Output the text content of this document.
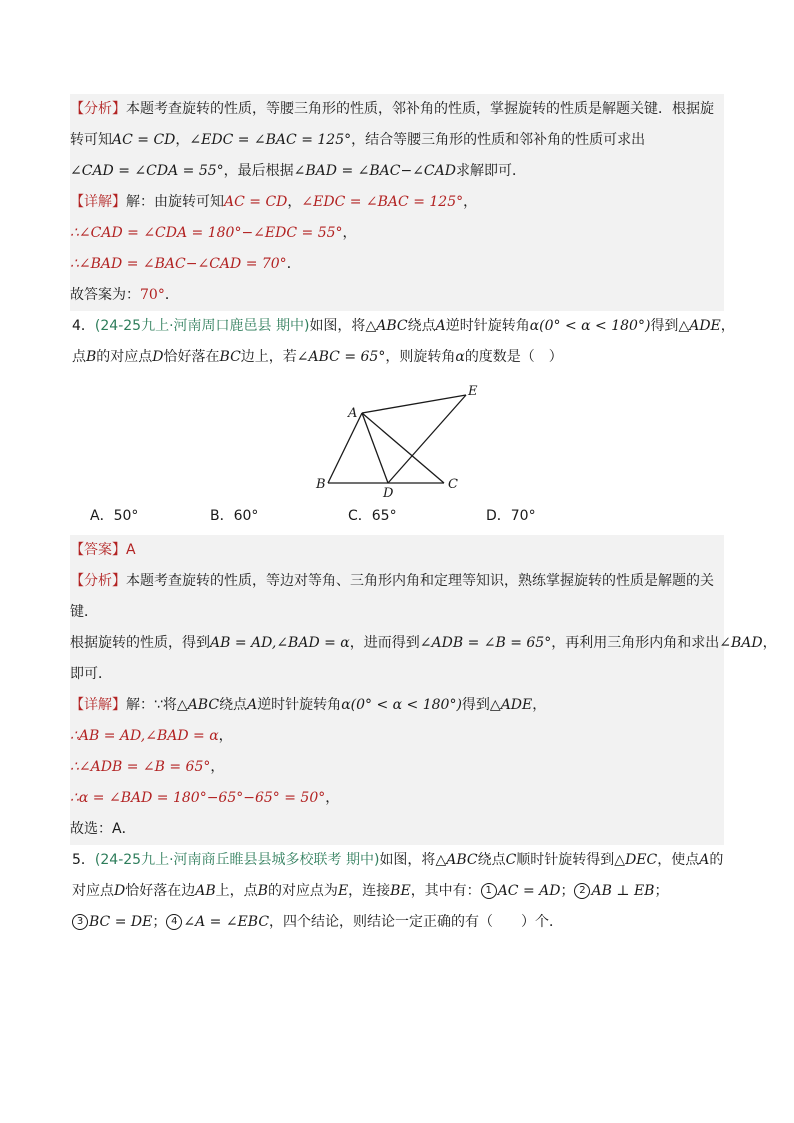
【分析】本题考查旋转的性质，等腰三角形的性质，邻补角的性质，掌握旋转的性质是解题关键．根据旋
转可知AC = CD，∠EDC = ∠BAC = 125°，结合等腰三角形的性质和邻补角的性质可求出
∠CAD = ∠CDA = 55°，最后根据∠BAD = ∠BAC−∠CAD求解即可．
【详解】解：由旋转可知AC = CD，∠EDC = ∠BAC = 125°，
∴∠CAD = ∠CDA = 180°−∠EDC = 55°，
∴∠BAD = ∠BAC−∠CAD = 70°．
故答案为：70°．
4．(24-25九上·河南周口鹿邑县 期中)如图，将△ABC绕点A逆时针旋转角α(0° < α < 180°)得到△ADE，
点B的对应点D恰好落在BC边上，若∠ABC = 65°，则旋转角α的度数是（　）
A
B	C
D
E
A．50°	B．60°	C．65°	D．70°
【答案】A
【分析】本题考查旋转的性质，等边对等角、三角形内角和定理等知识，熟练掌握旋转的性质是解题的关
键．
根据旋转的性质，得到AB = AD,∠BAD = α，进而得到∠ADB = ∠B = 65°，再利用三角形内角和求出∠BAD，
即可．
【详解】解：∵将△ABC绕点A逆时针旋转角α(0° < α < 180°)得到△ADE，
∴AB = AD,∠BAD = α，
∴∠ADB = ∠B = 65°，
∴α = ∠BAD = 180°−65°−65° = 50°，
故选：A．
5．(24-25九上·河南商丘睢县县城多校联考 期中)如图，将△ABC绕点C顺时针旋转得到△DEC，使点A的
对应点D恰好落在边AB上，点B的对应点为E，连接BE，其中有： 1 AC = AD； 2 AB ⊥ EB；
3 BC = DE； 4 ∠A = ∠EBC，四个结论，则结论一定正确的有（　　）个．
